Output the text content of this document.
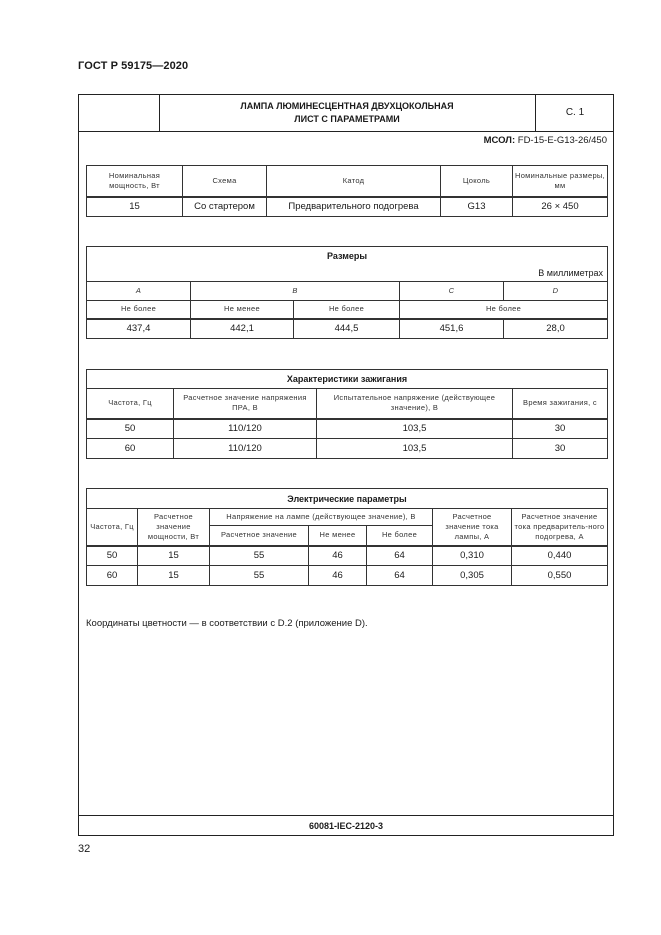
ГОСТ Р 59175—2020
ЛАМПА ЛЮМИНЕСЦЕНТНАЯ ДВУХЦОКОЛЬНАЯ
ЛИСТ С ПАРАМЕТРАМИ
С. 1
МСОЛ: FD-15-E-G13-26/450
60081-IEC-2120-3
Номинальная мощность, Вт	Схема	Катод	Цоколь	Номинальные размеры, мм
15	Со стартером	Предварительного подогрева	G13	26 × 450
Размеры				
В миллиметрах				
A	B		C	D
Не более	Не менее	Не более	Не более	
437,4	442,1	444,5	451,6	28,0
Характеристики зажигания			
Частота, Гц	Расчетное значение напряжения ПРА, В	Испытательное напряжение (действующее значение), В	Время зажигания, с
50	110/120	103,5	30
60	110/120	103,5	30
Электрические параметры						
Частота, Гц	Расчетное значение мощности, Вт	Напряжение на лампе (действующее значение), В			Расчетное значение тока лампы, А	Расчетное значение тока предваритель-ного подогрева, А
		Расчетное значение	Не менее	Не более		
50	15	55	46	64	0,310	0,440
60	15	55	46	64	0,305	0,550
Координаты цветности — в соответствии с D.2 (приложение D).
32
